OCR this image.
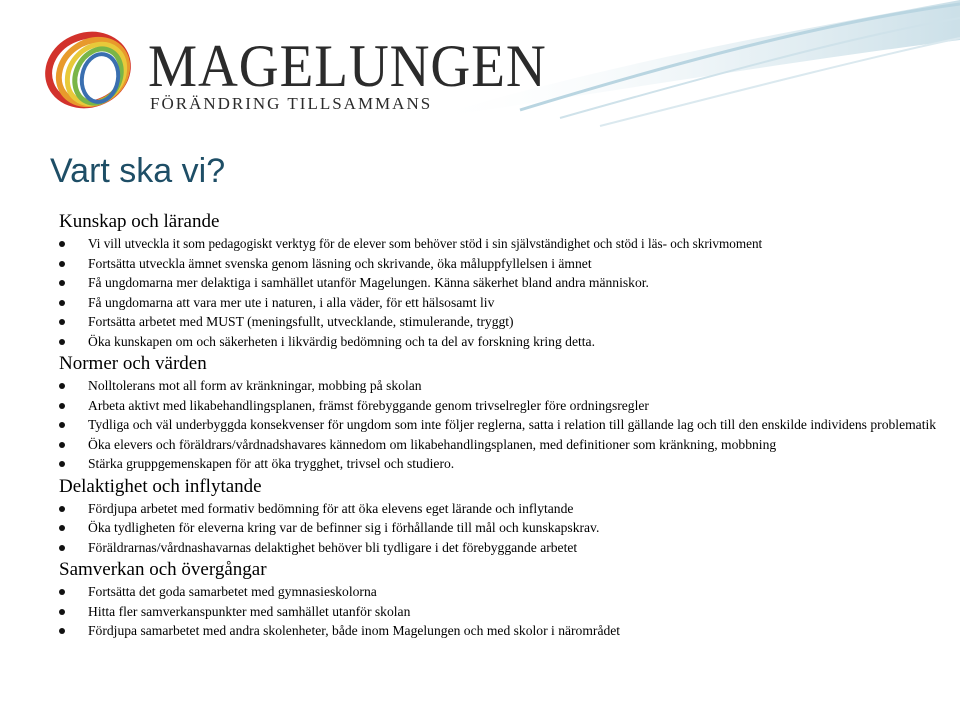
MAGELUNGEN
FÖRÄNDRING TILLSAMMANS
Vart ska vi?
Kunskap och lärande
Vi vill utveckla it som pedagogiskt verktyg för de elever som behöver stöd i sin självständighet och stöd i läs- och skrivmoment
Fortsätta utveckla ämnet svenska genom läsning och skrivande, öka måluppfyllelsen i ämnet
Få ungdomarna mer delaktiga i samhället utanför Magelungen. Känna säkerhet bland andra människor.
Få ungdomarna att vara mer ute i naturen, i alla väder, för ett hälsosamt liv
Fortsätta arbetet med MUST (meningsfullt, utvecklande, stimulerande, tryggt)
Öka kunskapen om och säkerheten i likvärdig bedömning och ta del av forskning kring detta.
Normer och värden
Nolltolerans mot all form av kränkningar, mobbing på skolan
Arbeta aktivt med likabehandlingsplanen, främst förebyggande genom trivselregler före ordningsregler
Tydliga och väl underbyggda konsekvenser för ungdom som inte följer reglerna, satta i relation till gällande lag och till den enskilde individens problematik
Öka elevers och föräldrars/vårdnadshavares kännedom om likabehandlingsplanen, med definitioner som kränkning, mobbning
Stärka gruppgemenskapen för att öka trygghet, trivsel och studiero.
Delaktighet och inflytande
Fördjupa arbetet med formativ bedömning för att öka elevens eget lärande och inflytande
Öka tydligheten för eleverna kring var de befinner sig i förhållande till mål och kunskapskrav.
Föräldrarnas/vårdnashavarnas delaktighet behöver bli tydligare i det förebyggande arbetet
Samverkan och övergångar
Fortsätta det goda samarbetet med gymnasieskolorna
Hitta fler samverkanspunkter med samhället utanför skolan
Fördjupa samarbetet med andra skolenheter, både inom Magelungen och med skolor i närområdet
